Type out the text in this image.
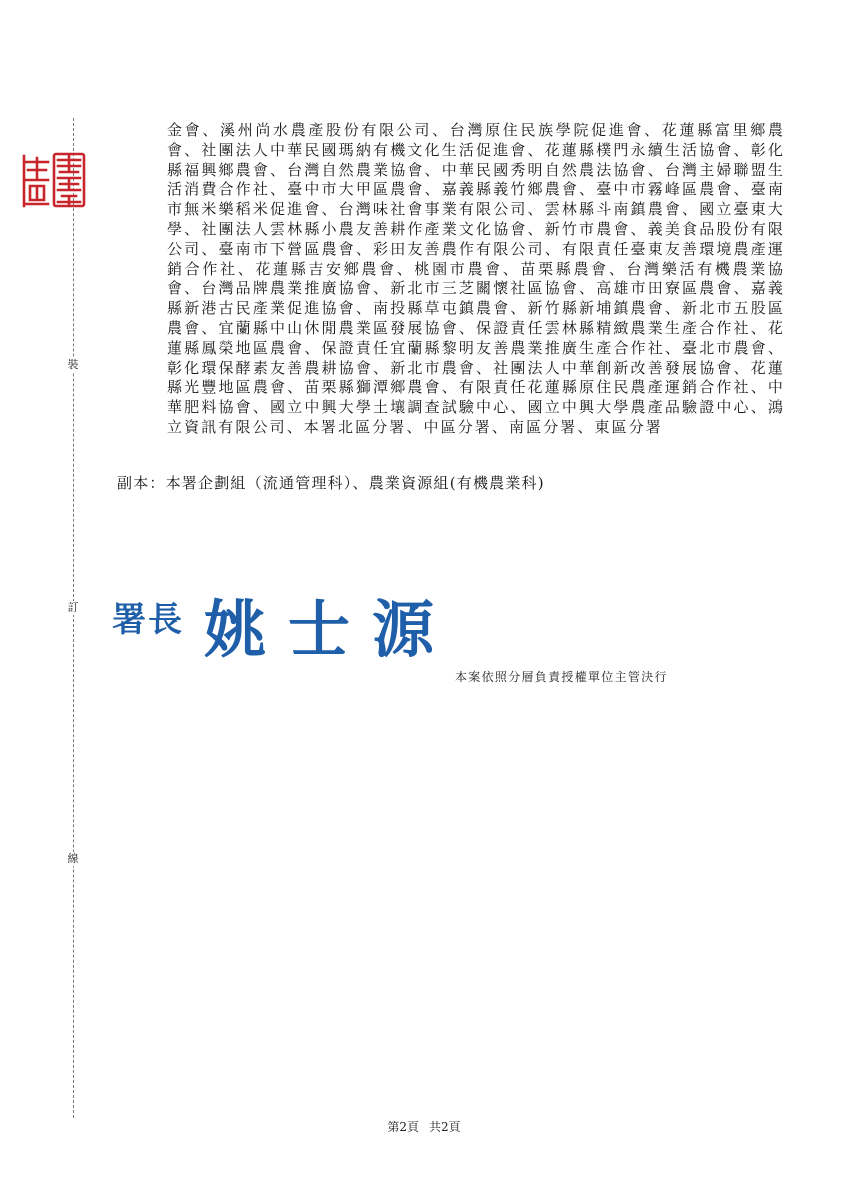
裝
訂
線

金會、溪州尚水農產股份有限公司、台灣原住民族學院促進會、花蓮縣富里鄉農會、社團法人中華民國瑪納有機文化生活促進會、花蓮縣樸門永續生活協會、彰化縣福興鄉農會、台灣自然農業協會、中華民國秀明自然農法協會、台灣主婦聯盟生活消費合作社、臺中市大甲區農會、嘉義縣義竹鄉農會、臺中市霧峰區農會、臺南市無米樂稻米促進會、台灣味社會事業有限公司、雲林縣斗南鎮農會、國立臺東大學、社團法人雲林縣小農友善耕作產業文化協會、新竹市農會、義美食品股份有限公司、臺南市下營區農會、彩田友善農作有限公司、有限責任臺東友善環境農產運銷合作社、花蓮縣吉安鄉農會、桃園市農會、苗栗縣農會、台灣樂活有機農業協會、台灣品牌農業推廣協會、新北市三芝關懷社區協會、高雄市田寮區農會、嘉義縣新港古民產業促進協會、南投縣草屯鎮農會、新竹縣新埔鎮農會、新北市五股區農會、宜蘭縣中山休閒農業區發展協會、保證責任雲林縣精緻農業生產合作社、花蓮縣鳳榮地區農會、保證責任宜蘭縣黎明友善農業推廣生產合作社、臺北市農會、彰化環保酵素友善農耕協會、新北市農會、社團法人中華創新改善發展協會、花蓮縣光豐地區農會、苗栗縣獅潭鄉農會、有限責任花蓮縣原住民農產運銷合作社、中華肥料協會、國立中興大學土壤調查試驗中心、國立中興大學農產品驗證中心、鴻立資訊有限公司、本署北區分署、中區分署、南區分署、東區分署

副本：本署企劃組（流通管理科）、農業資源組(有機農業科)

署長 姚士源
本案依照分層負責授權單位主管決行
第2頁 共2頁
